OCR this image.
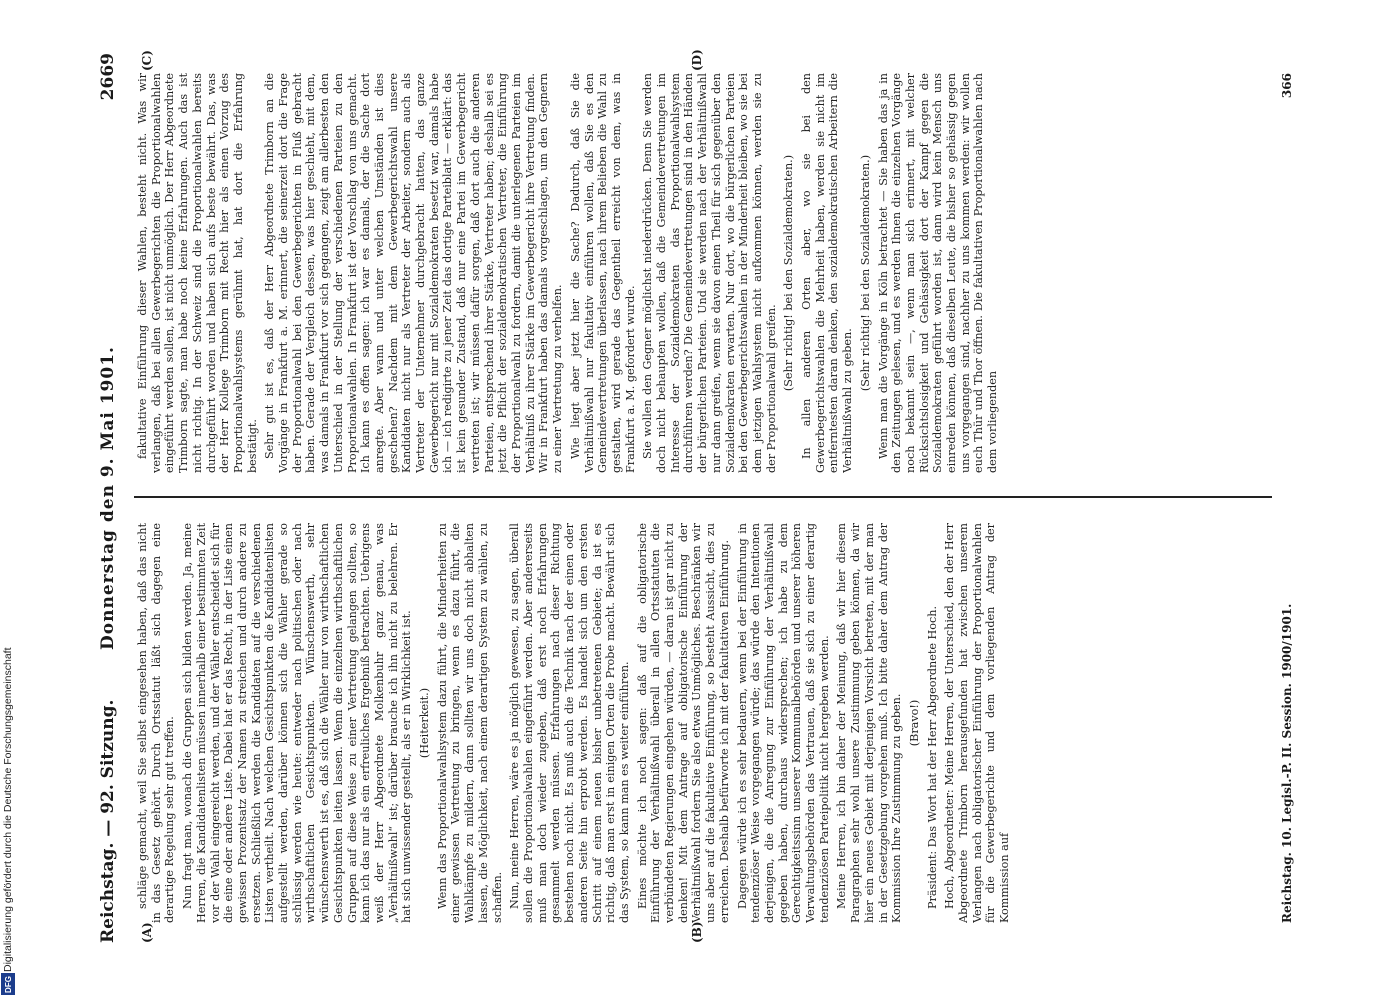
Digitalisierung gefördert durch die Deutsche Forschungsgemeinschaft
DFG
Reichstag. — 92. Sitzung.
Donnerstag den 9. Mai 1901.
2669
(A)	(B)
(C)	(D)

schläge gemacht, weil Sie selbst eingesehen haben, daß das nicht in das Gesetz gehört. Durch Ortsstatut läßt sich dagegen eine derartige Regelung sehr gut treffen. Nun fragt man, wonach die Gruppen sich bilden werden. Ja, meine Herren, die Kandidatenlisten müssen innerhalb einer bestimmten Zeit vor der Wahl eingereicht werden, und der Wähler entscheidet sich für die eine oder andere Liste. Dabei hat er das Recht, in der Liste einen gewissen Prozentsatz der Namen zu streichen und durch andere zu ersetzen. Schließlich werden die Kandidaten auf die verschiedenen Listen vertheilt. Nach welchen Gesichtspunkten die Kandidatenlisten aufgestellt werden, darüber können sich die Wähler gerade so schlüssig werden wie heute: entweder nach politischen oder nach wirthschaftlichen Gesichtspunkten. Wünschenswerth, sehr wünschenswerth ist es, daß sich die Wähler nur von wirthschaftlichen Gesichtspunkten leiten lassen. Wenn die einzelnen wirthschaftlichen Gruppen auf diese Weise zu einer Vertretung gelangen sollten, so kann ich das nur als ein erfreuliches Ergebniß betrachten. Uebrigens weiß der Herr Abgeordnete Molkenbuhr ganz genau, was „Verhältnißwahl“ ist; darüber brauche ich ihn nicht zu belehren. Er hat sich unwissender gestellt, als er in Wirklichkeit ist. (Heiterkeit.) Wenn das Proportionalwahlsystem dazu führt, die Minderheiten zu einer gewissen Vertretung zu bringen, wenn es dazu führt, die Wahlkämpfe zu mildern, dann sollten wir uns doch nicht abhalten lassen, die Möglichkeit, nach einem derartigen System zu wählen, zu schaffen. Nun, meine Herren, wäre es ja möglich gewesen, zu sagen, überall sollen die Proportionalwahlen eingeführt werden. Aber andererseits muß man doch wieder zugeben, daß erst noch Erfahrungen gesammelt werden müssen. Erfahrungen nach dieser Richtung bestehen noch nicht. Es muß auch die Technik nach der einen oder anderen Seite hin erprobt werden. Es handelt sich um den ersten Schritt auf einem neuen bisher unbetretenen Gebiete; da ist es richtig, daß man erst in einigen Orten die Probe macht. Bewährt sich das System, so kann man es weiter einführen. Eines möchte ich noch sagen: daß auf die obligatorische Einführung der Verhältnißwahl überall in allen Ortsstatuten die verbündeten Regierungen eingehen würden, — daran ist gar nicht zu denken! Mit dem Antrage auf obligatorische Einführung der Verhältnißwahl fordern Sie also etwas Unmögliches. Beschränken wir uns aber auf die fakultative Einführung, so besteht Aussicht, dies zu erreichen. Deshalb befürworte ich mit der fakultativen Einführung. Dagegen würde ich es sehr bedauern, wenn bei der Einführung in tendenziöser Weise vorgegangen würde; das würde den Intentionen derjenigen, die die Anregung zur Einführung der Verhältnißwahl gegeben haben, durchaus widersprechen; ich habe zu dem Gerechtigkeitssinn unserer Kommunalbehörden und unserer höheren Verwaltungsbehörden das Vertrauen, daß sie sich zu einer derartig tendenziösen Parteipolitik nicht hergeben werden. Meine Herren, ich bin daher der Meinung, daß wir hier diesem Paragraphen sehr wohl unsere Zustimmung geben können, da wir hier ein neues Gebiet mit derjenigen Vorsicht betreten, mit der man in der Gesetzgebung vorgehen muß. Ich bitte daher dem Antrag der Kommission Ihre Zustimmung zu geben. (Bravo!) Präsident: Das Wort hat der Herr Abgeordnete Hoch. Hoch, Abgeordneter: Meine Herren, der Unterschied, den der Herr Abgeordnete Trimborn herausgefunden hat zwischen unserem Verlangen nach obligatorischer Einführung der Proportionalwahlen für die Gewerbegerichte und dem vorliegenden Antrag der Kommission auf

fakultative Einführung dieser Wahlen, besteht nicht. Was wir verlangen, daß bei allen Gewerbegerichten die Proportionalwahlen eingeführt werden sollen, ist nicht unmöglich. Der Herr Abgeordnete Trimborn sagte, man habe noch keine Erfahrungen. Auch das ist nicht richtig. In der Schweiz sind die Proportionalwahlen bereits durchgeführt worden und haben sich aufs beste bewährt. Das, was der Herr Kollege Trimborn mit Recht hier als einen Vorzug des Proportionalwahlsystems gerühmt hat, hat dort die Erfahrung bestätigt. Sehr gut ist es, daß der Herr Abgeordnete Trimborn an die Vorgänge in Frankfurt a. M. erinnert, die seinerzeit dort die Frage der Proportionalwahl bei den Gewerbegerichten in Fluß gebracht haben. Gerade der Vergleich dessen, was hier geschieht, mit dem, was damals in Frankfurt vor sich gegangen, zeigt am allerbesten den Unterschied in der Stellung der verschiedenen Parteien zu den Proportionalwahlen. In Frankfurt ist der Vorschlag von uns gemacht. Ich kann es offen sagen: ich war es damals, der die Sache dort anregte. Aber wann und unter welchen Umständen ist dies geschehen? Nachdem mit dem Gewerbegerichtswahl unsere Kandidaten nicht nur als Vertreter der Arbeiter, sondern auch als Vertreter der Unternehmer durchgebracht hatten, das ganze Gewerbegericht nur mit Sozialdemokraten besetzt war, damals habe ich — ich redigirte zu jener Zeit das dortige Parteiblatt — erklärt: das ist kein gesunder Zustand, daß nur eine Partei im Gewerbegericht vertreten ist; wir müssen dafür sorgen, daß dort auch die anderen Parteien, entsprechend ihrer Stärke, Vertreter haben; deshalb sei es jetzt die Pflicht der sozialdemokratischen Vertreter, die Einführung der Proportionalwahl zu fordern, damit die unterlegenen Parteien im Verhältniß zu ihrer Stärke im Gewerbegericht ihre Vertretung finden. Wir in Frankfurt haben das damals vorgeschlagen, um den Gegnern zu einer Vertretung zu verhelfen. Wie liegt aber jetzt hier die Sache? Dadurch, daß Sie die Verhältnißwahl nur fakultativ einführen wollen, daß Sie es den Gemeindevertretungen überlassen, nach ihrem Belieben die Wahl zu gestalten, wird gerade das Gegentheil erreicht von dem, was in Frankfurt a. M. gefordert wurde. Sie wollen den Gegner möglichst niederdrücken. Denn Sie werden doch nicht behaupten wollen, daß die Gemeindevertretungen im Interesse der Sozialdemokraten das Proportionalwahlsystem durchführen werden? Die Gemeindevertretungen sind in den Händen der bürgerlichen Parteien. Und sie werden nach der Verhältnißwahl nur dann greifen, wenn sie davon einen Theil für sich gegenüber den Sozialdemokraten erwarten. Nur dort, wo die bürgerlichen Parteien bei den Gewerbegerichtswahlen in der Minderheit bleiben, wo sie bei dem jetzigen Wahlsystem nicht aufkommen können, werden sie zu der Proportionalwahl greifen. (Sehr richtig! bei den Sozialdemokraten.) In allen anderen Orten aber, wo sie bei den Gewerbegerichtswahlen die Mehrheit haben, werden sie nicht im entferntesten daran denken, den sozialdemokratischen Arbeitern die Verhältnißwahl zu geben.

(Sehr richtig! bei den Sozialdemokraten.) Wenn man die Vorgänge in Köln betrachtet — Sie haben das ja in den Zeitungen gelesen, und es werden Ihnen die einzelnen Vorgänge noch bekannt sein —, wenn man sich erinnert, mit welcher Rücksichtslosigkeit und Gehässigkeit dort der Kampf gegen die Sozialdemokraten geführt worden ist, dann wird kein Mensch uns einreden können, daß dieselben Leute, die bisher so gehässig gegen uns vorgegangen sind, nachher zu uns kommen werden: wir wollen euch Thür und Thor öffnen. Die fakultativen Proportionalwahlen nach dem vorliegenden

Reichstag. 10. Legisl.-P. II. Session. 1900/1901.
366
